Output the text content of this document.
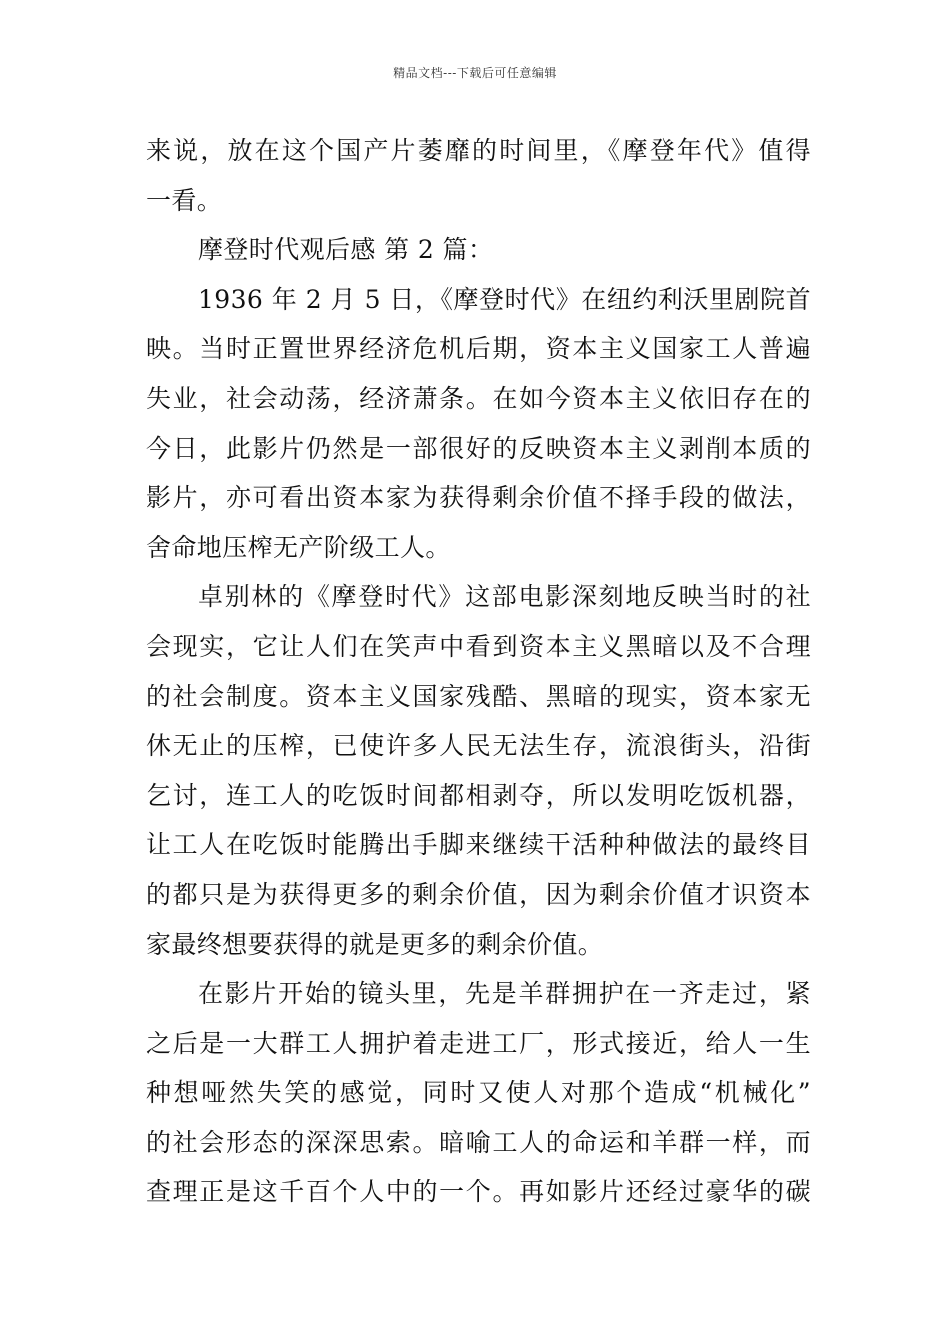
精品文档---下载后可任意编辑
来说，放在这个国产片萎靡的时间里，《摩登年代》值得
一看。
摩登时代观后感 第 2 篇：
1936 年 2 月 5 日，《摩登时代》在纽约利沃里剧院首
映。当时正置世界经济危机后期，资本主义国家工人普遍
失业，社会动荡，经济萧条。在如今资本主义依旧存在的
今日，此影片仍然是一部很好的反映资本主义剥削本质的
影片，亦可看出资本家为获得剩余价值不择手段的做法，
舍命地压榨无产阶级工人。
卓别林的《摩登时代》这部电影深刻地反映当时的社
会现实，它让人们在笑声中看到资本主义黑暗以及不合理
的社会制度。资本主义国家残酷、黑暗的现实，资本家无
休无止的压榨，已使许多人民无法生存，流浪街头，沿街
乞讨，连工人的吃饭时间都相剥夺，所以发明吃饭机器，
让工人在吃饭时能腾出手脚来继续干活种种做法的最终目
的都只是为获得更多的剩余价值，因为剩余价值才识资本
家最终想要获得的就是更多的剩余价值。
在影片开始的镜头里，先是羊群拥护在一齐走过，紧
之后是一大群工人拥护着走进工厂，形式接近，给人一生
种想哑然失笑的感觉，同时又使人对那个造成“机械化”
的社会形态的深深思索。暗喻工人的命运和羊群一样，而
查理正是这千百个人中的一个。再如影片还经过豪华的碳
